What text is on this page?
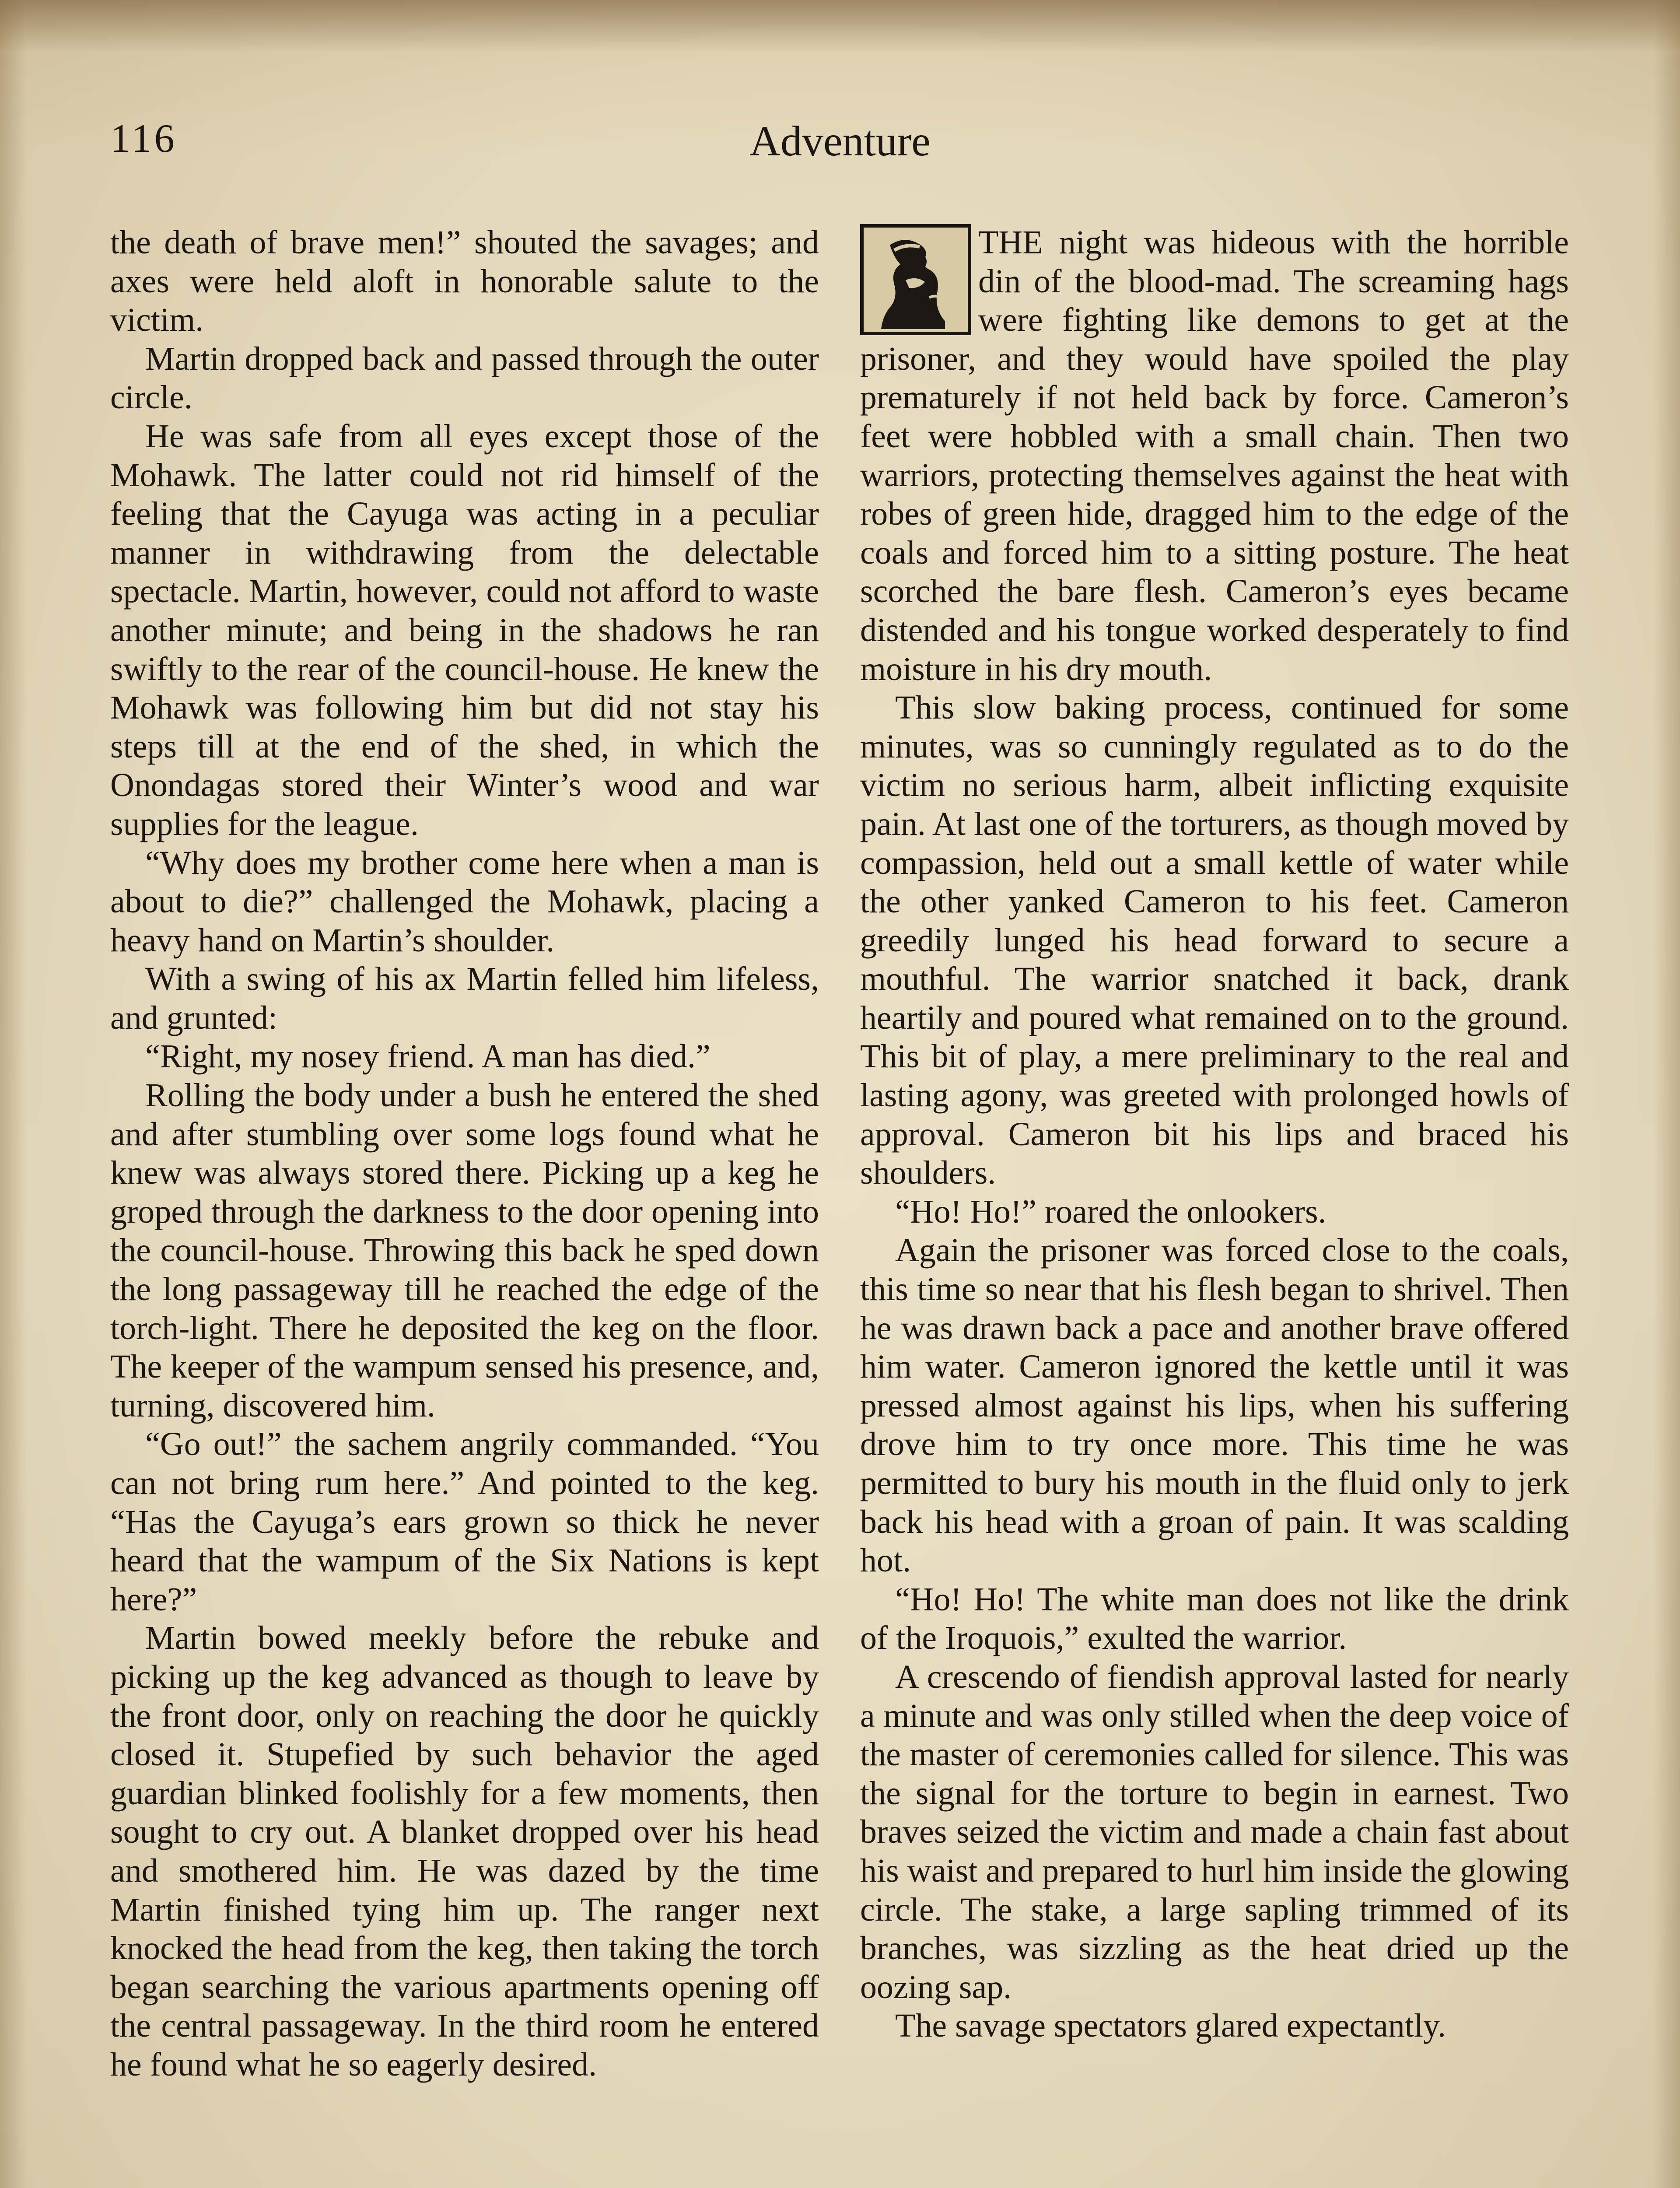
116	Adventure

the death of brave men!” shouted the savages; and axes were held aloft in honorable salute to the victim.

Martin dropped back and passed through the outer circle.

He was safe from all eyes except those of the Mohawk. The latter could not rid himself of the feeling that the Cayuga was acting in a peculiar manner in withdrawing from the delectable spectacle. Martin, however, could not afford to waste another minute; and being in the shadows he ran swiftly to the rear of the council-house. He knew the Mohawk was following him but did not stay his steps till at the end of the shed, in which the Onondagas stored their Winter’s wood and war supplies for the league.

“Why does my brother come here when a man is about to die?” challenged the Mohawk, placing a heavy hand on Martin’s shoulder.

With a swing of his ax Martin felled him lifeless, and grunted:

“Right, my nosey friend. A man has died.”

Rolling the body under a bush he entered the shed and after stumbling over some logs found what he knew was always stored there. Picking up a keg he groped through the darkness to the door opening into the council-house. Throwing this back he sped down the long passageway till he reached the edge of the torch-light. There he deposited the keg on the floor. The keeper of the wampum sensed his presence, and, turning, discovered him.

“Go out!” the sachem angrily commanded. “You can not bring rum here.” And pointed to the keg. “Has the Cayuga’s ears grown so thick he never heard that the wampum of the Six Nations is kept here?”

Martin bowed meekly before the rebuke and picking up the keg advanced as though to leave by the front door, only on reaching the door he quickly closed it. Stupefied by such behavior the aged guardian blinked foolishly for a few moments, then sought to cry out. A blanket dropped over his head and smothered him. He was dazed by the time Martin finished tying him up. The ranger next knocked the head from the keg, then taking the torch began searching the various apartments opening off the central passageway. In the third room he entered he found what he so eagerly desired.

THE night was hideous with the horrible din of the blood-mad. The screaming hags were fighting like demons to get at the prisoner, and they would have spoiled the play prematurely if not held back by force. Cameron’s feet were hobbled with a small chain. Then two warriors, protecting themselves against the heat with robes of green hide, dragged him to the edge of the coals and forced him to a sitting posture. The heat scorched the bare flesh. Cameron’s eyes became distended and his tongue worked desperately to find moisture in his dry mouth.

This slow baking process, continued for some minutes, was so cunningly regulated as to do the victim no serious harm, albeit inflicting exquisite pain. At last one of the torturers, as though moved by compassion, held out a small kettle of water while the other yanked Cameron to his feet. Cameron greedily lunged his head forward to secure a mouthful. The warrior snatched it back, drank heartily and poured what remained on to the ground. This bit of play, a mere preliminary to the real and lasting agony, was greeted with prolonged howls of approval. Cameron bit his lips and braced his shoulders.

“Ho! Ho!” roared the onlookers.

Again the prisoner was forced close to the coals, this time so near that his flesh began to shrivel. Then he was drawn back a pace and another brave offered him water. Cameron ignored the kettle until it was pressed almost against his lips, when his suffering drove him to try once more. This time he was permitted to bury his mouth in the fluid only to jerk back his head with a groan of pain. It was scalding hot.

“Ho! Ho! The white man does not like the drink of the Iroquois,” exulted the warrior.

A crescendo of fiendish approval lasted for nearly a minute and was only stilled when the deep voice of the master of ceremonies called for silence. This was the signal for the torture to begin in earnest. Two braves seized the victim and made a chain fast about his waist and prepared to hurl him inside the glowing circle. The stake, a large sapling trimmed of its branches, was sizzling as the heat dried up the oozing sap.

The savage spectators glared expectantly.
